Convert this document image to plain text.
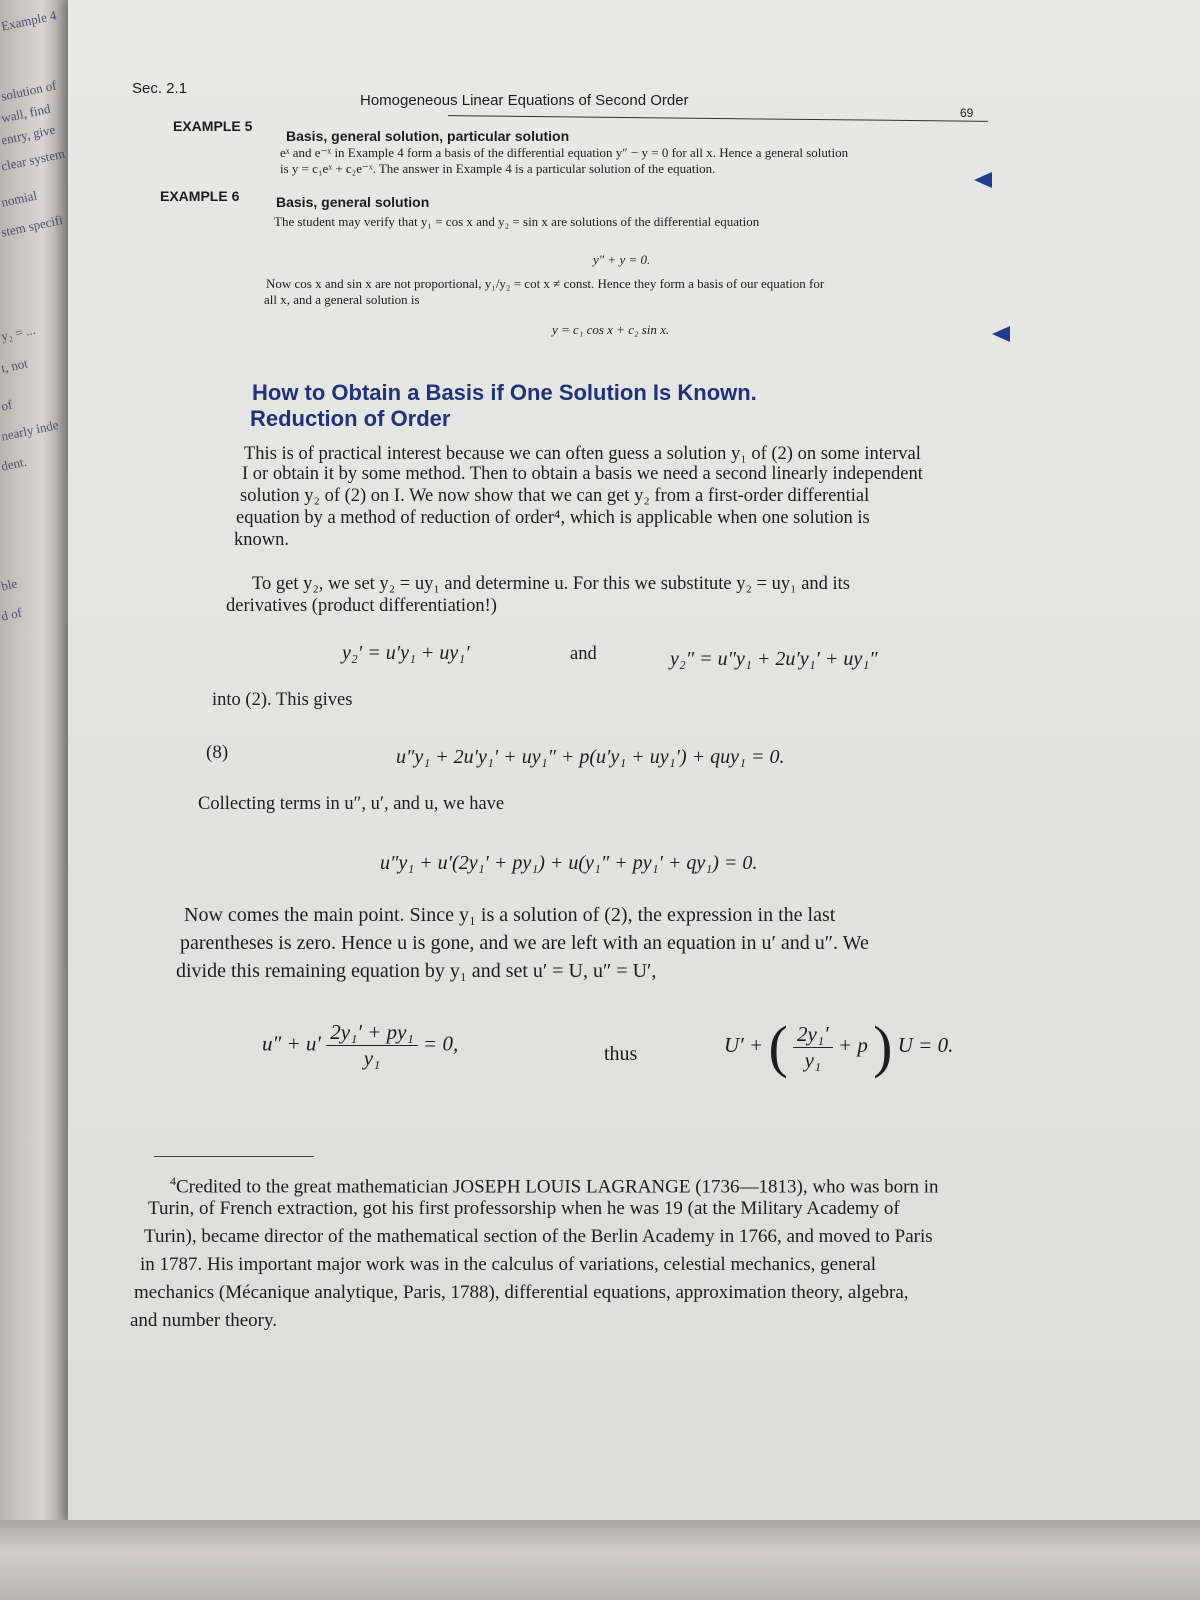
Example 4
solution of
wall, find
entry, give
clear system
nomial
stem specifi
y₂ = ...
t, not
of
nearly inde
dent.
ble
d of
Sec. 2.1
Homogeneous Linear Equations of Second Order
69
EXAMPLE 5
Basis, general solution, particular solution
eˣ and e⁻ˣ in Example 4 form a basis of the differential equation y″ − y = 0 for all x. Hence a general solution
is y = c₁eˣ + c₂e⁻ˣ. The answer in Example 4 is a particular solution of the equation.
EXAMPLE 6	Basis, general solution
The student may verify that y₁ = cos x and y₂ = sin x are solutions of the differential equation
y″ + y = 0.
Now cos x and sin x are not proportional, y₁/y₂ = cot x ≠ const. Hence they form a basis of our equation for
all x, and a general solution is
y = c₁ cos x + c₂ sin x.
How to Obtain a Basis if One Solution Is Known.
Reduction of Order
This is of practical interest because we can often guess a solution y₁ of (2) on some interval
I or obtain it by some method. Then to obtain a basis we need a second linearly independent
solution y₂ of (2) on I. We now show that we can get y₂ from a first-order differential
equation by a method of reduction of order⁴, which is applicable when one solution is
known.
To get y₂, we set y₂ = uy₁ and determine u. For this we substitute y₂ = uy₁ and its
derivatives (product differentiation!)
y₂′ = u′y₁ + uy₁′	and	y₂″ = u″y₁ + 2u′y₁′ + uy₁″
into (2). This gives
(8)	u″y₁ + 2u′y₁′ + uy₁″ + p(u′y₁ + uy₁′) + quy₁ = 0.
Collecting terms in u″, u′, and u, we have
u″y₁ + u′(2y₁′ + py₁) + u(y₁″ + py₁′ + qy₁) = 0.
Now comes the main point. Since y₁ is a solution of (2), the expression in the last
parentheses is zero. Hence u is gone, and we are left with an equation in u′ and u″. We
divide this remaining equation by y₁ and set u′ = U, u″ = U′,
$u'' + u' \frac{\text{2y₁′ + py₁}}{\text{y₁}} = 0$,	thus	U′ + ( $\frac{\text{2y₁′}}{\text{y₁}} + p$ ) U = 0.
$^4$Credited to the great mathematician JOSEPH LOUIS LAGRANGE (1736—1813), who was born in
Turin, of French extraction, got his first professorship when he was 19 (at the Military Academy of
Turin), became director of the mathematical section of the Berlin Academy in 1766, and moved to Paris
in 1787. His important major work was in the calculus of variations, celestial mechanics, general
mechanics (Mécanique analytique, Paris, 1788), differential equations, approximation theory, algebra,
and number theory.
